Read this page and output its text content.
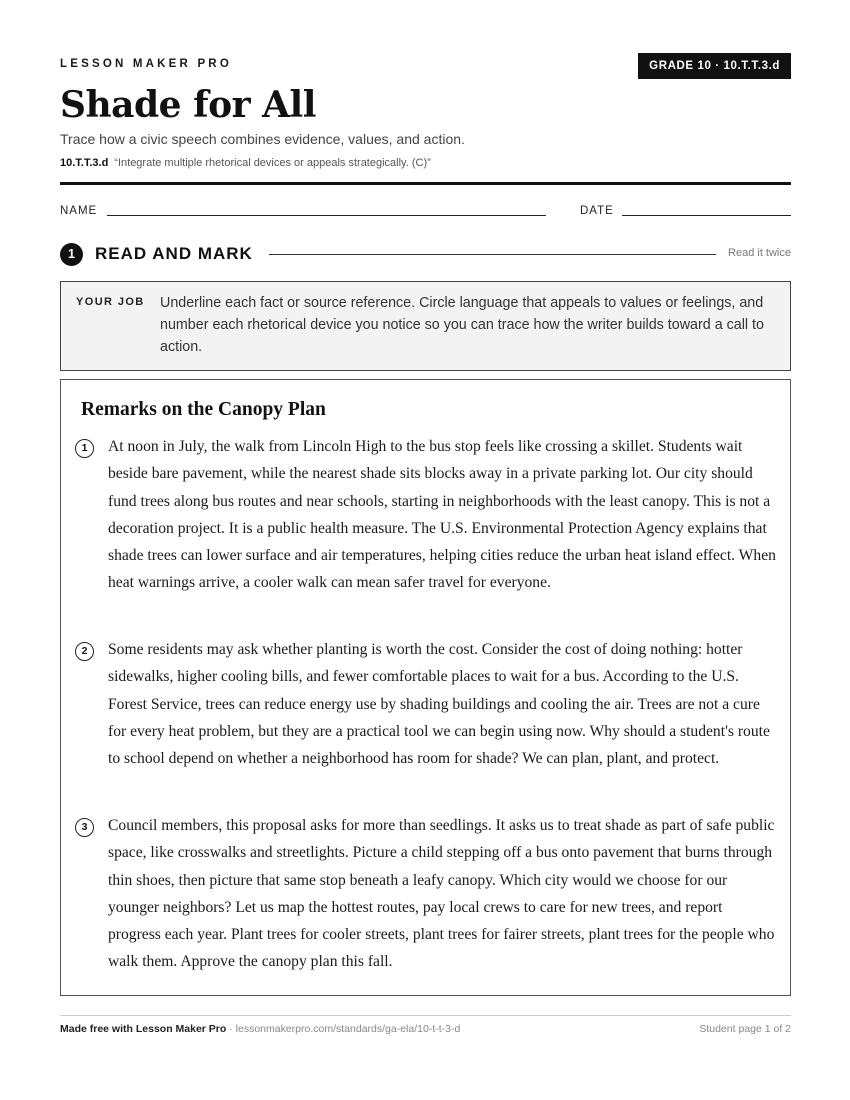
LESSON MAKER PRO	GRADE 10 · 10.T.T.3.d
Shade for All
Trace how a civic speech combines evidence, values, and action.
10.T.T.3.d “Integrate multiple rhetorical devices or appeals strategically. (C)”
NAME	DATE
1	READ AND MARK	Read it twice
YOUR JOB Underline each fact or source reference. Circle language that appeals to values or feelings, and number each rhetorical device you notice so you can trace how the writer builds toward a call to action.
Remarks on the Canopy Plan
1	At noon in July, the walk from Lincoln High to the bus stop feels like crossing a skillet. Students wait beside bare pavement, while the nearest shade sits blocks away in a private parking lot. Our city should fund trees along bus routes and near schools, starting in neighborhoods with the least canopy. This is not a decoration project. It is a public health measure. The U.S. Environmental Protection Agency explains that shade trees can lower surface and air temperatures, helping cities reduce the urban heat island effect. When heat warnings arrive, a cooler walk can mean safer travel for everyone.

2	Some residents may ask whether planting is worth the cost. Consider the cost of doing nothing: hotter sidewalks, higher cooling bills, and fewer comfortable places to wait for a bus. According to the U.S. Forest Service, trees can reduce energy use by shading buildings and cooling the air. Trees are not a cure for every heat problem, but they are a practical tool we can begin using now. Why should a student's route to school depend on whether a neighborhood has room for shade? We can plan, plant, and protect.

3	Council members, this proposal asks for more than seedlings. It asks us to treat shade as part of safe public space, like crosswalks and streetlights. Picture a child stepping off a bus onto pavement that burns through thin shoes, then picture that same stop beneath a leafy canopy. Which city would we choose for our younger neighbors? Let us map the hottest routes, pay local crews to care for new trees, and report progress each year. Plant trees for cooler streets, plant trees for fairer streets, plant trees for the people who walk them. Approve the canopy plan this fall.

Made free with Lesson Maker Pro · lessonmakerpro.com/standards/ga-ela/10-t-t-3-d	Student page 1 of 2
